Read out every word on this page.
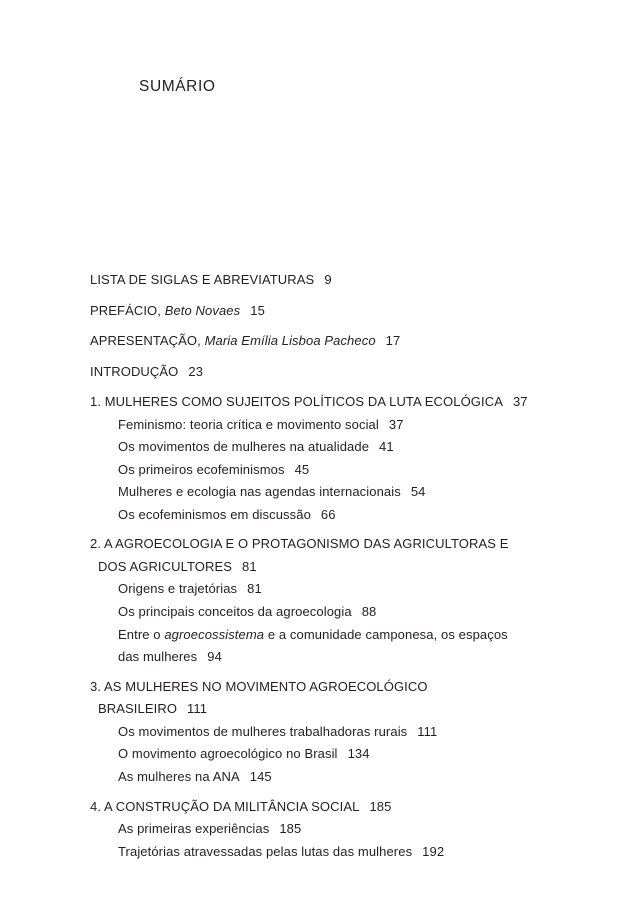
SUMÁRIO
LISTA DE SIGLAS E ABREVIATURAS 9
PREFÁCIO, Beto Novaes 15
APRESENTAÇÃO, Maria Emília Lisboa Pacheco 17
INTRODUÇÃO 23
1. MULHERES COMO SUJEITOS POLÍTICOS DA LUTA ECOLÓGICA 37
Feminismo: teoria crítica e movimento social 37
Os movimentos de mulheres na atualidade 41
Os primeiros ecofeminismos 45
Mulheres e ecologia nas agendas internacionais 54
Os ecofeminismos em discussão 66
2. A AGROECOLOGIA E O PROTAGONISMO DAS AGRICULTORAS E
DOS AGRICULTORES 81
Origens e trajetórias 81
Os principais conceitos da agroecologia 88
Entre o agroecossistema e a comunidade camponesa, os espaços
das mulheres 94
3. AS MULHERES NO MOVIMENTO AGROECOLÓGICO
BRASILEIRO 111
Os movimentos de mulheres trabalhadoras rurais 111
O movimento agroecológico no Brasil 134
As mulheres na ANA 145
4. A CONSTRUÇÃO DA MILITÂNCIA SOCIAL 185
As primeiras experiências 185
Trajetórias atravessadas pelas lutas das mulheres 192
